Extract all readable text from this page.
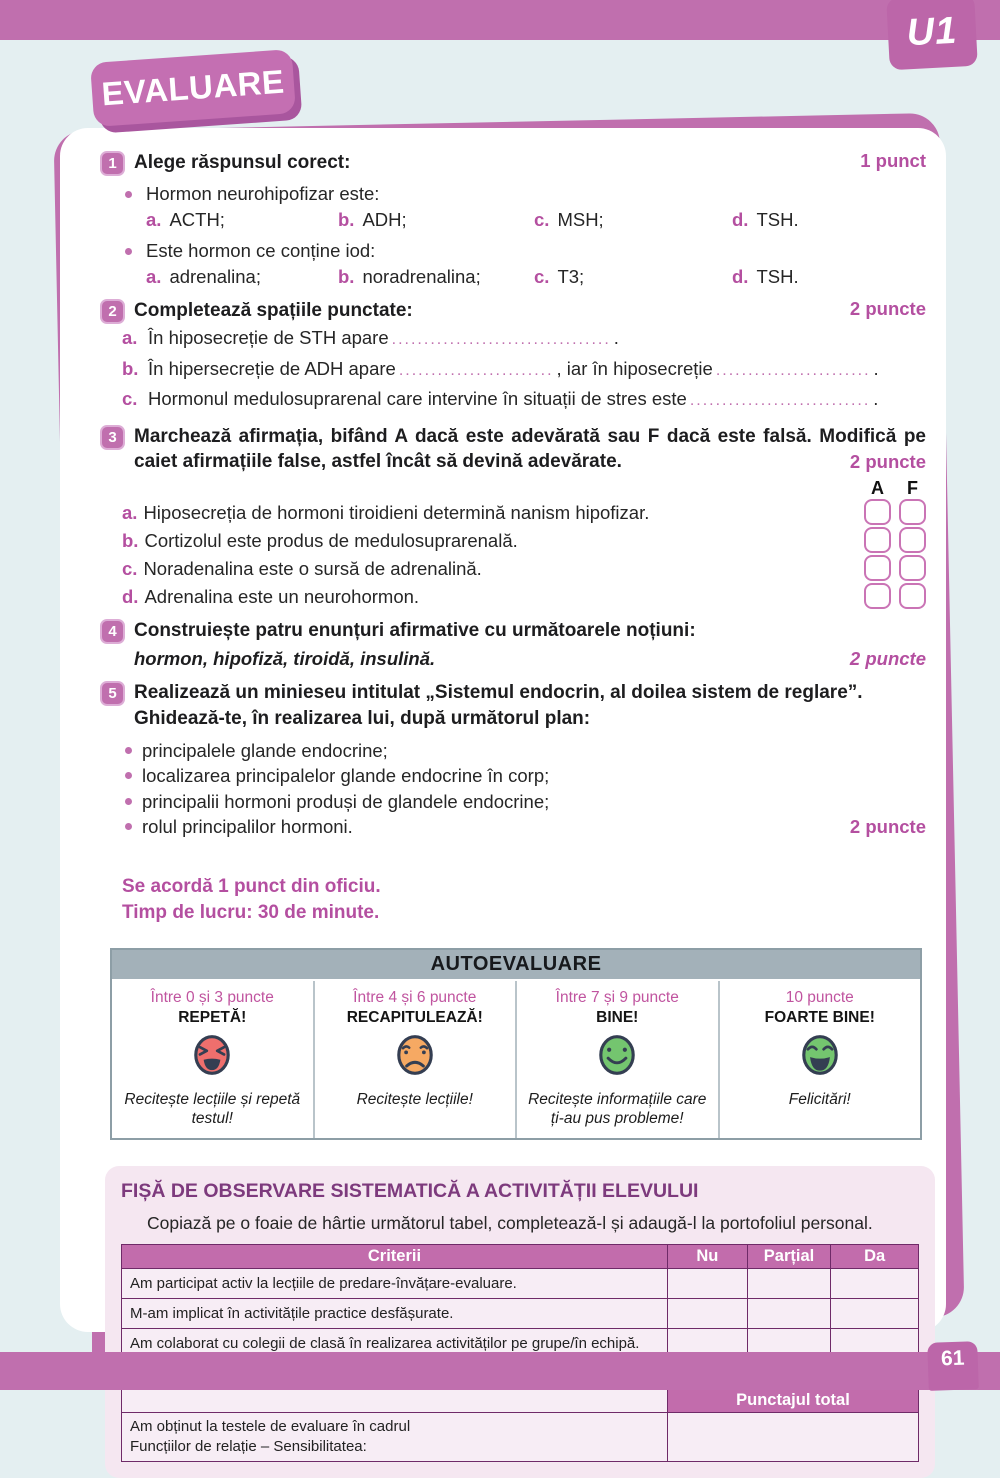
U1
EVALUARE
1 Alege răspunsul corect:	1 punct
Hormon neurohipofizar este:
a. ACTH;	b. ADH;	c. MSH;	d. TSH.
Este hormon ce conține iod:
a. adrenalina;	b. noradrenalina;	c. T3;	d. TSH.
2 Completează spațiile punctate:	2 puncte
a. În hiposecreție de STH apare .................................. .
b. În hipersecreție de ADH apare ........................ , iar în hiposecreție ........................ .
c. Hormonul medulosuprarenal care intervine în situații de stres este ............................ .
3 Marchează afirmația, bifând A dacă este adevărată sau F dacă este falsă. Modifică pe caiet afirmațiile false, astfel încât să devină adevărate.	2 puncte
A	F
a. Hiposecreția de hormoni tiroidieni determină nanism hipofizar.
b. Cortizolul este produs de medulosuprarenală.
c. Noradenalina este o sursă de adrenalină.
d. Adrenalina este un neurohormon.
4 Construiește patru enunțuri afirmative cu următoarele noțiuni:
hormon, hipofiză, tiroidă, insulină.	2 puncte
5 Realizează un minieseu intitulat „Sistemul endocrin, al doilea sistem de reglare”.
Ghidează-te, în realizarea lui, după următorul plan:
principalele glande endocrine;
localizarea principalelor glande endocrine în corp;
principalii hormoni produși de glandele endocrine;
rolul principalilor hormoni.	2 puncte
Se acordă 1 punct din oficiu.
Timp de lucru: 30 de minute.
AUTOEVALUARE
Între 0 și 3 puncte
REPETĂ!
Recitește lecțiile și repetă testul!
Între 4 și 6 puncte
RECAPITULEAZĂ!
Recitește lecțiile!
Între 7 și 9 puncte
BINE!
Recitește informațiile care ți-au pus probleme!
10 puncte
FOARTE BINE!
Felicitări!
FIȘĂ DE OBSERVARE SISTEMATICĂ A ACTIVITĂȚII ELEVULUI
Copiază pe o foaie de hârtie următorul tabel, completează-l și adaugă-l la portofoliul personal.
Criterii	Nu	Parțial	Da
Am participat activ la lecțiile de predare-învățare-evaluare.			
M-am implicat în activitățile practice desfășurate.			
Am colaborat cu colegii de clasă în realizarea activităților pe grupe/în echipă.			

	Punctajul total		

Am obținut la testele de evaluare în cadrul
Funcțiilor de relație – Sensibilitatea:			

61
